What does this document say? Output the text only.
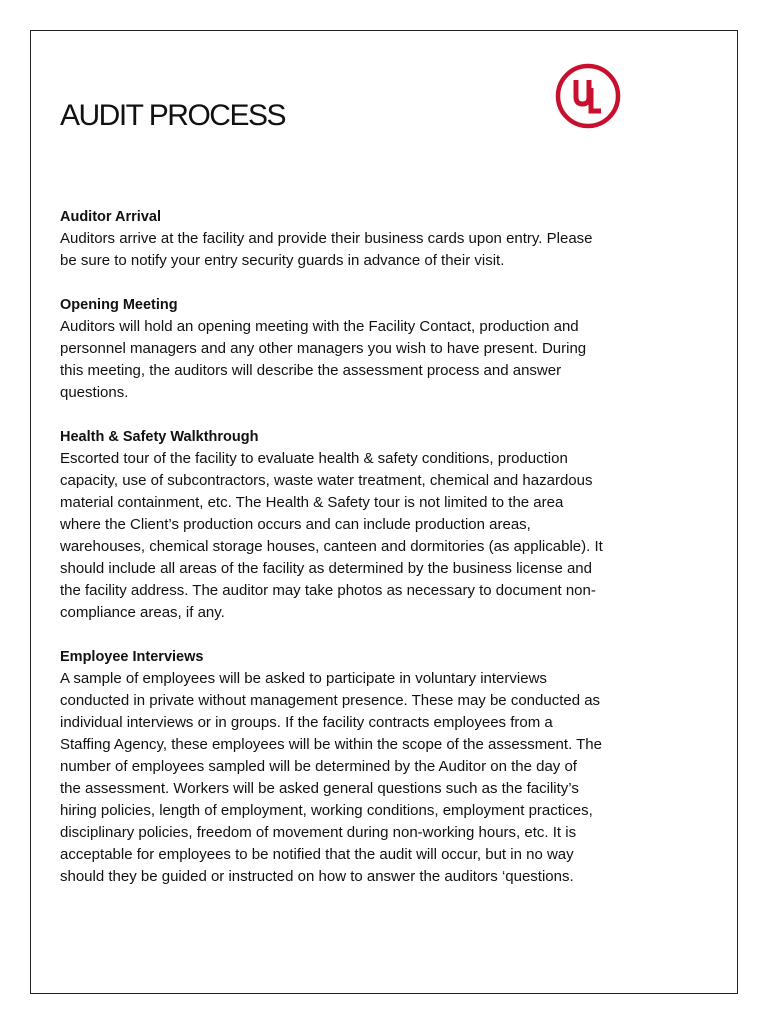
AUDIT PROCESS
Auditor Arrival

Auditors arrive at the facility and provide their business cards upon entry. Please
be sure to notify your entry security guards in advance of their visit.

Opening Meeting

Auditors will hold an opening meeting with the Facility Contact, production and
personnel managers and any other managers you wish to have present. During
this meeting, the auditors will describe the assessment process and answer
questions.

Health & Safety Walkthrough

Escorted tour of the facility to evaluate health & safety conditions, production
capacity, use of subcontractors, waste water treatment, chemical and hazardous
material containment, etc. The Health & Safety tour is not limited to the area
where the Client’s production occurs and can include production areas,
warehouses, chemical storage houses, canteen and dormitories (as applicable). It
should include all areas of the facility as determined by the business license and
the facility address. The auditor may take photos as necessary to document non-
compliance areas, if any.

Employee Interviews

A sample of employees will be asked to participate in voluntary interviews
conducted in private without management presence. These may be conducted as
individual interviews or in groups. If the facility contracts employees from a
Staffing Agency, these employees will be within the scope of the assessment. The
number of employees sampled will be determined by the Auditor on the day of
the assessment. Workers will be asked general questions such as the facility’s
hiring policies, length of employment, working conditions, employment practices,
disciplinary policies, freedom of movement during non-working hours, etc. It is
acceptable for employees to be notified that the audit will occur, but in no way
should they be guided or instructed on how to answer the auditors ‘questions.
